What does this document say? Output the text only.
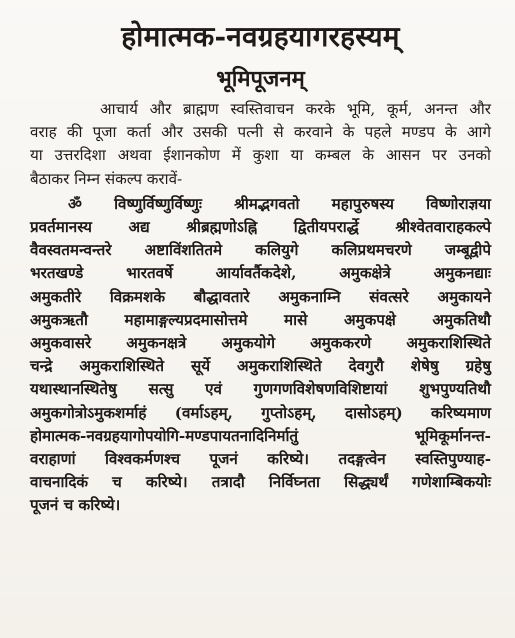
होमात्मक-नवग्रहयागरहस्यम्
भूमिपूजनम्
आचार्य और ब्राह्मण स्वस्तिवाचन करके भूमि, कूर्म, अनन्त और
वराह की पूजा कर्ता और उसकी पत्नी से करवाने के पहले मण्डप के आगे
या उत्तरदिशा अथवा ईशानकोण में कुशा या कम्बल के आसन पर उनको
बैठाकर निम्न संकल्प करावें-
ॐ विष्णुर्विष्णुर्विष्णुः श्रीमद्भगवतो महापुरुषस्य विष्णोराज्ञया
प्रवर्तमानस्य अद्य श्रीब्रह्मणोऽह्नि द्वितीयपरार्द्धे श्रीश्वेतवाराहकल्पे
वैवस्वतमन्वन्तरे अष्टाविंशतितमे कलियुगे कलिप्रथमचरणे जम्बूद्वीपे
भरतखण्डे भारतवर्षे आर्यावर्तैकदेशे, अमुकक्षेत्रे अमुकनद्याः
अमुकतीरे विक्रमशके बौद्धावतारे अमुकनाम्नि संवत्सरे अमुकायने
अमुकऋतौ महामाङ्गल्यप्रदमासोत्तमे मासे अमुकपक्षे अमुकतिथौ
अमुकवासरे अमुकनक्षत्रे अमुकयोगे अमुककरणे अमुकराशिस्थिते
चन्द्रे अमुकराशिस्थिते सूर्ये अमुकराशिस्थिते देवगुरौ शेषेषु ग्रहेषु
यथास्थानस्थितेषु सत्सु एवं गुणगणविशेषणविशिष्टायां शुभपुण्यतिथौ
अमुकगोत्रोऽमुकशर्माहं (वर्माऽहम्, गुप्तोऽहम्, दासोऽहम्) करिष्यमाण
होमात्मक-नवग्रहयागोपयोगि-मण्डपायतनादिनिर्मातुं भूमिकूर्मानन्त-
वराहाणां विश्वकर्मणश्च पूजनं करिष्ये। तदङ्गत्वेन स्वस्तिपुण्याह-
वाचनादिकं च करिष्ये। तत्रादौ निर्विघ्नता सिद्ध्यर्थं गणेशाम्बिकयोः
पूजनं च करिष्ये।
